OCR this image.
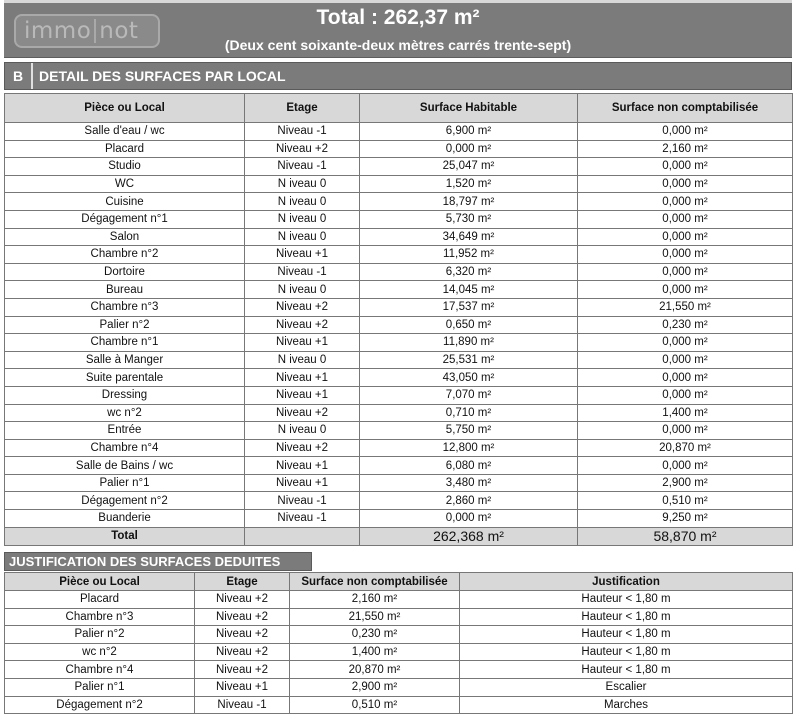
immo not
Total : 262,37 m²
(Deux cent soixante-deux mètres carrés trente-sept)
B	DETAIL DES SURFACES PAR LOCAL
Pièce ou Local	Etage	Surface Habitable	Surface non comptabilisée
Salle d'eau / wc	Niveau -1	6,900 m²	0,000 m²
Placard	Niveau +2	0,000 m²	2,160 m²
Studio	Niveau -1	25,047 m²	0,000 m²
WC	N iveau 0	1,520 m²	0,000 m²
Cuisine	N iveau 0	18,797 m²	0,000 m²
Dégagement n°1	N iveau 0	5,730 m²	0,000 m²
Salon	N iveau 0	34,649 m²	0,000 m²
Chambre n°2	Niveau +1	11,952 m²	0,000 m²
Dortoire	Niveau -1	6,320 m²	0,000 m²
Bureau	N iveau 0	14,045 m²	0,000 m²
Chambre n°3	Niveau +2	17,537 m²	21,550 m²
Palier n°2	Niveau +2	0,650 m²	0,230 m²
Chambre n°1	Niveau +1	11,890 m²	0,000 m²
Salle à Manger	N iveau 0	25,531 m²	0,000 m²
Suite parentale	Niveau +1	43,050 m²	0,000 m²
Dressing	Niveau +1	7,070 m²	0,000 m²
wc n°2	Niveau +2	0,710 m²	1,400 m²
Entrée	N iveau 0	5,750 m²	0,000 m²
Chambre n°4	Niveau +2	12,800 m²	20,870 m²
Salle de Bains / wc	Niveau +1	6,080 m²	0,000 m²
Palier n°1	Niveau +1	3,480 m²	2,900 m²
Dégagement n°2	Niveau -1	2,860 m²	0,510 m²
Buanderie	Niveau -1	0,000 m²	9,250 m²
Total		262,368 m²	58,870 m²
JUSTIFICATION DES SURFACES DEDUITES
Pièce ou Local	Etage	Surface non comptabilisée	Justification
Placard	Niveau +2	2,160 m²	Hauteur < 1,80 m
Chambre n°3	Niveau +2	21,550 m²	Hauteur < 1,80 m
Palier n°2	Niveau +2	0,230 m²	Hauteur < 1,80 m
wc n°2	Niveau +2	1,400 m²	Hauteur < 1,80 m
Chambre n°4	Niveau +2	20,870 m²	Hauteur < 1,80 m
Palier n°1	Niveau +1	2,900 m²	Escalier
Dégagement n°2	Niveau -1	0,510 m²	Marches
